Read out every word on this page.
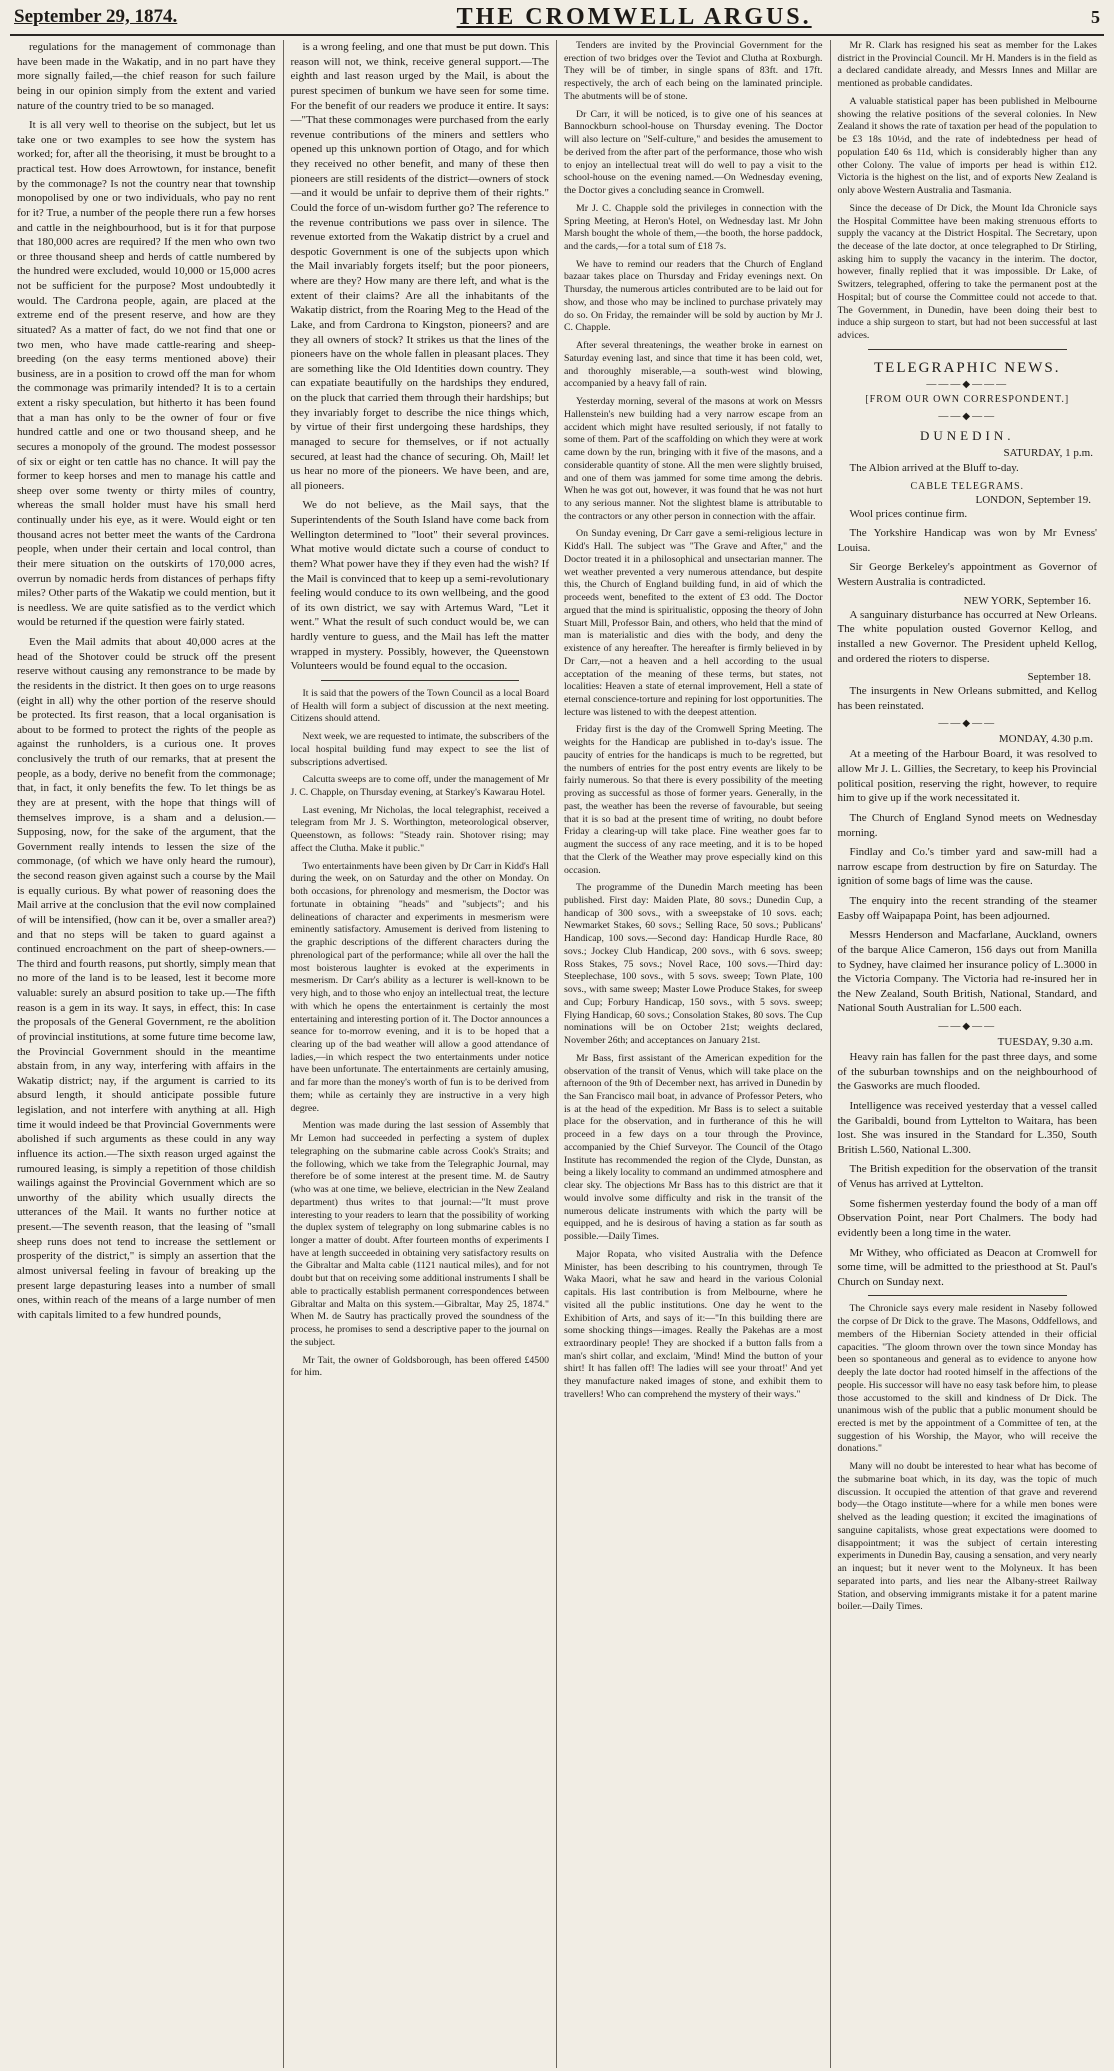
September 29, 1874.	THE CROMWELL ARGUS.	5

regulations for the management of commonage than have been made in the Wakatip, and in no part have they more signally failed,—the chief reason for such failure being in our opinion simply from the extent and varied nature of the country tried to be so managed.

It is all very well to theorise on the subject, but let us take one or two examples to see how the system has worked; for, after all the theorising, it must be brought to a practical test. How does Arrowtown, for instance, benefit by the commonage? Is not the country near that township monopolised by one or two individuals, who pay no rent for it? True, a number of the people there run a few horses and cattle in the neighbourhood, but is it for that purpose that 180,000 acres are required? If the men who own two or three thousand sheep and herds of cattle numbered by the hundred were excluded, would 10,000 or 15,000 acres not be sufficient for the purpose? Most undoubtedly it would. The Cardrona people, again, are placed at the extreme end of the present reserve, and how are they situated? As a matter of fact, do we not find that one or two men, who have made cattle-rearing and sheep-breeding (on the easy terms mentioned above) their business, are in a position to crowd off the man for whom the commonage was primarily intended? It is to a certain extent a risky speculation, but hitherto it has been found that a man has only to be the owner of four or five hundred cattle and one or two thousand sheep, and he secures a monopoly of the ground. The modest possessor of six or eight or ten cattle has no chance. It will pay the former to keep horses and men to manage his cattle and sheep over some twenty or thirty miles of country, whereas the small holder must have his small herd continually under his eye, as it were. Would eight or ten thousand acres not better meet the wants of the Cardrona people, when under their certain and local control, than their mere situation on the outskirts of 170,000 acres, overrun by nomadic herds from distances of perhaps fifty miles? Other parts of the Wakatip we could mention, but it is needless. We are quite satisfied as to the verdict which would be returned if the question were fairly stated.

Even the Mail admits that about 40,000 acres at the head of the Shotover could be struck off the present reserve without causing any remonstrance to be made by the residents in the district. It then goes on to urge reasons (eight in all) why the other portion of the reserve should be protected. Its first reason, that a local organisation is about to be formed to protect the rights of the people as against the runholders, is a curious one. It proves conclusively the truth of our remarks, that at present the people, as a body, derive no benefit from the commonage; that, in fact, it only benefits the few. To let things be as they are at present, with the hope that things will of themselves improve, is a sham and a delusion.—Supposing, now, for the sake of the argument, that the Government really intends to lessen the size of the commonage, (of which we have only heard the rumour), the second reason given against such a course by the Mail is equally curious. By what power of reasoning does the Mail arrive at the conclusion that the evil now complained of will be intensified, (how can it be, over a smaller area?) and that no steps will be taken to guard against a continued encroachment on the part of sheep-owners.—The third and fourth reasons, put shortly, simply mean that no more of the land is to be leased, lest it become more valuable: surely an absurd position to take up.—The fifth reason is a gem in its way. It says, in effect, this: In case the proposals of the General Government, re the abolition of provincial institutions, at some future time become law, the Provincial Government should in the meantime abstain from, in any way, interfering with affairs in the Wakatip district; nay, if the argument is carried to its absurd length, it should anticipate possible future legislation, and not interfere with anything at all. High time it would indeed be that Provincial Governments were abolished if such arguments as these could in any way influence its action.—The sixth reason urged against the rumoured leasing, is simply a repetition of those childish wailings against the Provincial Government which are so unworthy of the ability which usually directs the utterances of the Mail. It wants no further notice at present.—The seventh reason, that the leasing of "small sheep runs does not tend to increase the settlement or prosperity of the district," is simply an assertion that the almost universal feeling in favour of breaking up the present large depasturing leases into a number of small ones, within reach of the means of a large number of men with capitals limited to a few hundred pounds,

is a wrong feeling, and one that must be put down. This reason will not, we think, receive general support.—The eighth and last reason urged by the Mail, is about the purest specimen of bunkum we have seen for some time. For the benefit of our readers we produce it entire. It says:—"That these commonages were purchased from the early revenue contributions of the miners and settlers who opened up this unknown portion of Otago, and for which they received no other benefit, and many of these then pioneers are still residents of the district—owners of stock—and it would be unfair to deprive them of their rights." Could the force of un-wisdom further go? The reference to the revenue contributions we pass over in silence. The revenue extorted from the Wakatip district by a cruel and despotic Government is one of the subjects upon which the Mail invariably forgets itself; but the poor pioneers, where are they? How many are there left, and what is the extent of their claims? Are all the inhabitants of the Wakatip district, from the Roaring Meg to the Head of the Lake, and from Cardrona to Kingston, pioneers? and are they all owners of stock? It strikes us that the lines of the pioneers have on the whole fallen in pleasant places. They are something like the Old Identities down country. They can expatiate beautifully on the hardships they endured, on the pluck that carried them through their hardships; but they invariably forget to describe the nice things which, by virtue of their first undergoing these hardships, they managed to secure for themselves, or if not actually secured, at least had the chance of securing. Oh, Mail! let us hear no more of the pioneers. We have been, and are, all pioneers.

We do not believe, as the Mail says, that the Superintendents of the South Island have come back from Wellington determined to "loot" their several provinces. What motive would dictate such a course of conduct to them? What power have they if they even had the wish? If the Mail is convinced that to keep up a semi-revolutionary feeling would conduce to its own wellbeing, and the good of its own district, we say with Artemus Ward, "Let it went." What the result of such conduct would be, we can hardly venture to guess, and the Mail has left the matter wrapped in mystery. Possibly, however, the Queenstown Volunteers would be found equal to the occasion.

It is said that the powers of the Town Council as a local Board of Health will form a subject of discussion at the next meeting. Citizens should attend.

Next week, we are requested to intimate, the subscribers of the local hospital building fund may expect to see the list of subscriptions advertised.

Calcutta sweeps are to come off, under the management of Mr J. C. Chapple, on Thursday evening, at Starkey's Kawarau Hotel.

Last evening, Mr Nicholas, the local telegraphist, received a telegram from Mr J. S. Worthington, meteorological observer, Queenstown, as follows: "Steady rain. Shotover rising; may affect the Clutha. Make it public."

Two entertainments have been given by Dr Carr in Kidd's Hall during the week, on on Saturday and the other on Monday. On both occasions, for phrenology and mesmerism, the Doctor was fortunate in obtaining "heads" and "subjects"; and his delineations of character and experiments in mesmerism were eminently satisfactory. Amusement is derived from listening to the graphic descriptions of the different characters during the phrenological part of the performance; while all over the hall the most boisterous laughter is evoked at the experiments in mesmerism. Dr Carr's ability as a lecturer is well-known to be very high, and to those who enjoy an intellectual treat, the lecture with which he opens the entertainment is certainly the most entertaining and interesting portion of it. The Doctor announces a seance for to-morrow evening, and it is to be hoped that a clearing up of the bad weather will allow a good attendance of ladies,—in which respect the two entertainments under notice have been unfortunate. The entertainments are certainly amusing, and far more than the money's worth of fun is to be derived from them; while as certainly they are instructive in a very high degree.

Mention was made during the last session of Assembly that Mr Lemon had succeeded in perfecting a system of duplex telegraphing on the submarine cable across Cook's Straits; and the following, which we take from the Telegraphic Journal, may therefore be of some interest at the present time. M. de Sautry (who was at one time, we believe, electrician in the New Zealand department) thus writes to that journal:—"It must prove interesting to your readers to learn that the possibility of working the duplex system of telegraphy on long submarine cables is no longer a matter of doubt. After fourteen months of experiments I have at length succeeded in obtaining very satisfactory results on the Gibraltar and Malta cable (1121 nautical miles), and for not doubt but that on receiving some additional instruments I shall be able to practically establish permanent correspondences between Gibraltar and Malta on this system.—Gibraltar, May 25, 1874." When M. de Sautry has practically proved the soundness of the process, he promises to send a descriptive paper to the journal on the subject.

Mr Tait, the owner of Goldsborough, has been offered £4500 for him.

Tenders are invited by the Provincial Government for the erection of two bridges over the Teviot and Clutha at Roxburgh. They will be of timber, in single spans of 83ft. and 17ft. respectively, the arch of each being on the laminated principle. The abutments will be of stone.

Dr Carr, it will be noticed, is to give one of his seances at Bannockburn school-house on Thursday evening. The Doctor will also lecture on "Self-culture," and besides the amusement to be derived from the after part of the performance, those who wish to enjoy an intellectual treat will do well to pay a visit to the school-house on the evening named.—On Wednesday evening, the Doctor gives a concluding seance in Cromwell.

Mr J. C. Chapple sold the privileges in connection with the Spring Meeting, at Heron's Hotel, on Wednesday last. Mr John Marsh bought the whole of them,—the booth, the horse paddock, and the cards,—for a total sum of £18 7s.

We have to remind our readers that the Church of England bazaar takes place on Thursday and Friday evenings next. On Thursday, the numerous articles contributed are to be laid out for show, and those who may be inclined to purchase privately may do so. On Friday, the remainder will be sold by auction by Mr J. C. Chapple.

After several threatenings, the weather broke in earnest on Saturday evening last, and since that time it has been cold, wet, and thoroughly miserable,—a south-west wind blowing, accompanied by a heavy fall of rain.

Yesterday morning, several of the masons at work on Messrs Hallenstein's new building had a very narrow escape from an accident which might have resulted seriously, if not fatally to some of them. Part of the scaffolding on which they were at work came down by the run, bringing with it five of the masons, and a considerable quantity of stone. All the men were slightly bruised, and one of them was jammed for some time among the debris. When he was got out, however, it was found that he was not hurt to any serious manner. Not the slightest blame is attributable to the contractors or any other person in connection with the affair.

On Sunday evening, Dr Carr gave a semi-religious lecture in Kidd's Hall. The subject was "The Grave and After," and the Doctor treated it in a philosophical and unsectarian manner. The wet weather prevented a very numerous attendance, but despite this, the Church of England building fund, in aid of which the proceeds went, benefited to the extent of £3 odd. The Doctor argued that the mind is spiritualistic, opposing the theory of John Stuart Mill, Professor Bain, and others, who held that the mind of man is materialistic and dies with the body, and deny the existence of any hereafter. The hereafter is firmly believed in by Dr Carr,—not a heaven and a hell according to the usual acceptation of the meaning of these terms, but states, not localities: Heaven a state of eternal improvement, Hell a state of eternal conscience-torture and repining for lost opportunities. The lecture was listened to with the deepest attention.

Friday first is the day of the Cromwell Spring Meeting. The weights for the Handicap are published in to-day's issue. The paucity of entries for the handicaps is much to be regretted, but the numbers of entries for the post entry events are likely to be fairly numerous. So that there is every possibility of the meeting proving as successful as those of former years. Generally, in the past, the weather has been the reverse of favourable, but seeing that it is so bad at the present time of writing, no doubt before Friday a clearing-up will take place. Fine weather goes far to augment the success of any race meeting, and it is to be hoped that the Clerk of the Weather may prove especially kind on this occasion.

The programme of the Dunedin March meeting has been published. First day: Maiden Plate, 80 sovs.; Dunedin Cup, a handicap of 300 sovs., with a sweepstake of 10 sovs. each; Newmarket Stakes, 60 sovs.; Selling Race, 50 sovs.; Publicans' Handicap, 100 sovs.—Second day: Handicap Hurdle Race, 80 sovs.; Jockey Club Handicap, 200 sovs., with 6 sovs. sweep; Ross Stakes, 75 sovs.; Novel Race, 100 sovs.—Third day: Steeplechase, 100 sovs., with 5 sovs. sweep; Town Plate, 100 sovs., with same sweep; Master Lowe Produce Stakes, for sweep and Cup; Forbury Handicap, 150 sovs., with 5 sovs. sweep; Flying Handicap, 60 sovs.; Consolation Stakes, 80 sovs. The Cup nominations will be on October 21st; weights declared, November 26th; and acceptances on January 21st.

Mr Bass, first assistant of the American expedition for the observation of the transit of Venus, which will take place on the afternoon of the 9th of December next, has arrived in Dunedin by the San Francisco mail boat, in advance of Professor Peters, who is at the head of the expedition. Mr Bass is to select a suitable place for the observation, and in furtherance of this he will proceed in a few days on a tour through the Province, accompanied by the Chief Surveyor. The Council of the Otago Institute has recommended the region of the Clyde, Dunstan, as being a likely locality to command an undimmed atmosphere and clear sky. The objections Mr Bass has to this district are that it would involve some difficulty and risk in the transit of the numerous delicate instruments with which the party will be equipped, and he is desirous of having a station as far south as possible.—Daily Times.

Major Ropata, who visited Australia with the Defence Minister, has been describing to his countrymen, through Te Waka Maori, what he saw and heard in the various Colonial capitals. His last contribution is from Melbourne, where he visited all the public institutions. One day he went to the Exhibition of Arts, and says of it:—"In this building there are some shocking things—images. Really the Pakehas are a most extraordinary people! They are shocked if a button falls from a man's shirt collar, and exclaim, 'Mind! Mind the button of your shirt! It has fallen off! The ladies will see your throat!' And yet they manufacture naked images of stone, and exhibit them to travellers! Who can comprehend the mystery of their ways."

Mr R. Clark has resigned his seat as member for the Lakes district in the Provincial Council. Mr H. Manders is in the field as a declared candidate already, and Messrs Innes and Millar are mentioned as probable candidates.

A valuable statistical paper has been published in Melbourne showing the relative positions of the several colonies. In New Zealand it shows the rate of taxation per head of the population to be £3 18s 10½d, and the rate of indebtedness per head of population £40 6s 11d, which is considerably higher than any other Colony. The value of imports per head is within £12. Victoria is the highest on the list, and of exports New Zealand is only above Western Australia and Tasmania.

Since the decease of Dr Dick, the Mount Ida Chronicle says the Hospital Committee have been making strenuous efforts to supply the vacancy at the District Hospital. The Secretary, upon the decease of the late doctor, at once telegraphed to Dr Stirling, asking him to supply the vacancy in the interim. The doctor, however, finally replied that it was impossible. Dr Lake, of Switzers, telegraphed, offering to take the permanent post at the Hospital; but of course the Committee could not accede to that. The Government, in Dunedin, have been doing their best to induce a ship surgeon to start, but had not been successful at last advices.

TELEGRAPHIC NEWS.
———◆———
[FROM OUR OWN CORRESPONDENT.]
——◆——
DUNEDIN.
SATURDAY, 1 p.m.

The Albion arrived at the Bluff to-day.

CABLE TELEGRAMS.
LONDON, September 19.

Wool prices continue firm.

The Yorkshire Handicap was won by Mr Evness' Louisa.

Sir George Berkeley's appointment as Governor of Western Australia is contradicted.

NEW YORK, September 16.

A sanguinary disturbance has occurred at New Orleans. The white population ousted Governor Kellog, and installed a new Governor. The President upheld Kellog, and ordered the rioters to disperse.

September 18.

The insurgents in New Orleans submitted, and Kellog has been reinstated.

——◆——
MONDAY, 4.30 p.m.

At a meeting of the Harbour Board, it was resolved to allow Mr J. L. Gillies, the Secretary, to keep his Provincial political position, reserving the right, however, to require him to give up if the work necessitated it.

The Church of England Synod meets on Wednesday morning.

Findlay and Co.'s timber yard and saw-mill had a narrow escape from destruction by fire on Saturday. The ignition of some bags of lime was the cause.

The enquiry into the recent stranding of the steamer Easby off Waipapapa Point, has been adjourned.

Messrs Henderson and Macfarlane, Auckland, owners of the barque Alice Cameron, 156 days out from Manilla to Sydney, have claimed her insurance policy of L.3000 in the Victoria Company. The Victoria had re-insured her in the New Zealand, South British, National, Standard, and National South Australian for L.500 each.

——◆——
TUESDAY, 9.30 a.m.

Heavy rain has fallen for the past three days, and some of the suburban townships and on the neighbourhood of the Gasworks are much flooded.

Intelligence was received yesterday that a vessel called the Garibaldi, bound from Lyttelton to Waitara, has been lost. She was insured in the Standard for L.350, South British L.560, National L.300.

The British expedition for the observation of the transit of Venus has arrived at Lyttelton.

Some fishermen yesterday found the body of a man off Observation Point, near Port Chalmers. The body had evidently been a long time in the water.

Mr Withey, who officiated as Deacon at Cromwell for some time, will be admitted to the priesthood at St. Paul's Church on Sunday next.

The Chronicle says every male resident in Naseby followed the corpse of Dr Dick to the grave. The Masons, Oddfellows, and members of the Hibernian Society attended in their official capacities. "The gloom thrown over the town since Monday has been so spontaneous and general as to evidence to anyone how deeply the late doctor had rooted himself in the affections of the people. His successor will have no easy task before him, to please those accustomed to the skill and kindness of Dr Dick. The unanimous wish of the public that a public monument should be erected is met by the appointment of a Committee of ten, at the suggestion of his Worship, the Mayor, who will receive the donations."

Many will no doubt be interested to hear what has become of the submarine boat which, in its day, was the topic of much discussion. It occupied the attention of that grave and reverend body—the Otago institute—where for a while men bones were shelved as the leading question; it excited the imaginations of sanguine capitalists, whose great expectations were doomed to disappointment; it was the subject of certain interesting experiments in Dunedin Bay, causing a sensation, and very nearly an inquest; but it never went to the Molyneux. It has been separated into parts, and lies near the Albany-street Railway Station, and observing immigrants mistake it for a patent marine boiler.—Daily Times.
